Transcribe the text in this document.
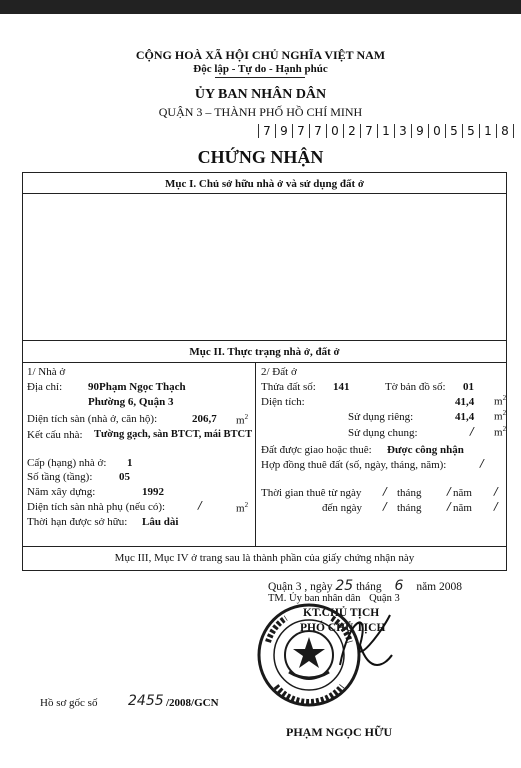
CỘNG HOÀ XÃ HỘI CHỦ NGHĨA VIỆT NAM
Độc lập - Tự do - Hạnh phúc
ỦY BAN NHÂN DÂN
QUẬN 3 – THÀNH PHỐ HỒ CHÍ MINH
7 9 7 7 0 2 7 1 3 9 0 5 5 1 8
CHỨNG NHẬN
Mục I. Chủ sở hữu nhà ở và sử dụng đất ở
Mục II. Thực trạng nhà ở, đất ở
1/ Nhà ở
Địa chỉ: 90Phạm Ngọc Thạch
Phường 6, Quận 3
Diện tích sàn (nhà ở, căn hộ):	206,7 $m^2$
Kết cấu nhà: Tường gạch, sàn BTCT, mái BTCT
Cấp (hạng) nhà ở: 1
Số tầng (tầng): 05
Năm xây dựng:	1992
Diện tích sàn nhà phụ (nếu có):	/	$m^2$
Thời hạn được sở hữu: Lâu dài
2/ Đất ở
Thửa đất số: 141	Tờ bản đồ số: 01
Diện tích:	41,4 $m^2$
Sử dụng riêng:	41,4 $m^2$
Sử dụng chung:	/ $m^2$
Đất được giao hoặc thuê: Được công nhận
Hợp đồng thuê đất (số, ngày, tháng, năm):	/
Thời gian thuê từ ngày / tháng / năm /
đến ngày / tháng / năm /
Mục III, Mục IV ở trang sau là thành phần của giấy chứng nhận này
Quận 3 , ngày 25 tháng 6 năm 2008
TM. Ủy ban nhân dân Quận 3
KT.CHỦ TỊCH
PHÓ CHỦ TỊCH
Hồ sơ gốc số 2455 /2008/GCN
PHẠM NGỌC HỮU
